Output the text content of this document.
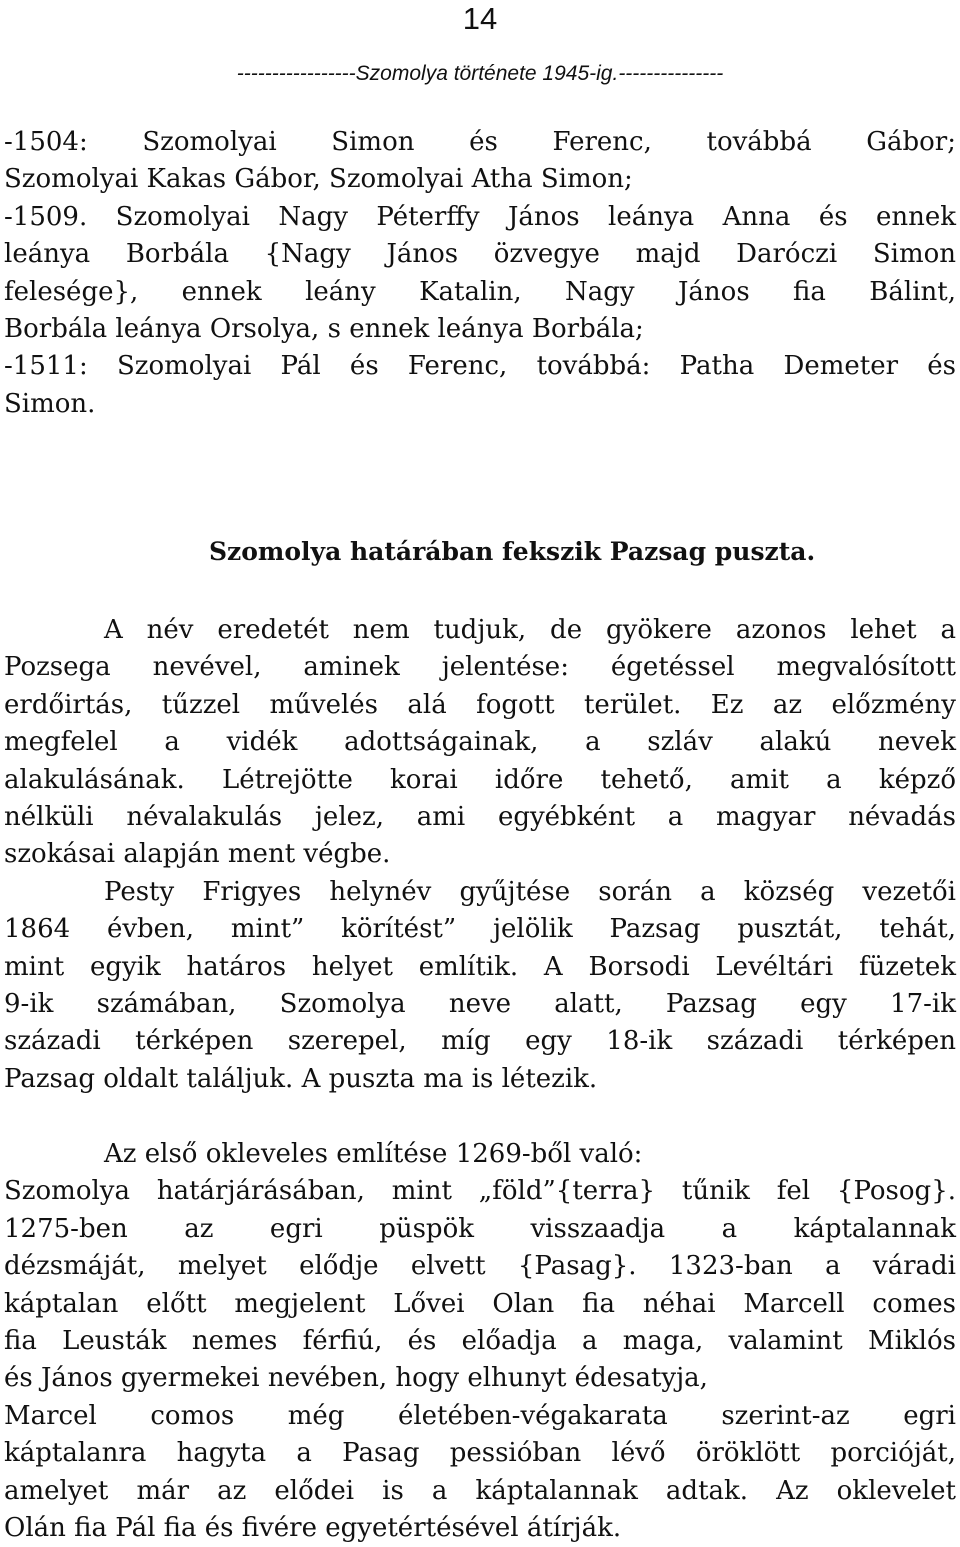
14
-----------------Szomolya története 1945-ig.---------------
-1504: Szomolyai Simon és Ferenc, továbbá Gábor;
Szomolyai Kakas Gábor, Szomolyai Atha Simon;
-1509. Szomolyai Nagy Péterffy János leánya Anna és ennek
leánya Borbála {Nagy János özvegye majd Daróczi Simon
felesége}, ennek leány Katalin, Nagy János fia Bálint,
Borbála leánya Orsolya, s ennek leánya Borbála;
-1511: Szomolyai Pál és Ferenc, továbbá: Patha Demeter és
Simon.
Szomolya határában fekszik Pazsag puszta.
A név eredetét nem tudjuk, de gyökere azonos lehet a
Pozsega nevével, aminek jelentése: égetéssel megvalósított
erdőirtás, tűzzel művelés alá fogott terület. Ez az előzmény
megfelel a vidék adottságainak, a szláv alakú nevek
alakulásának. Létrejötte korai időre tehető, amit a képző
nélküli névalakulás jelez, ami egyébként a magyar névadás
szokásai alapján ment végbe.
Pesty Frigyes helynév gyűjtése során a község vezetői
1864 évben, mint” körítést” jelölik Pazsag pusztát, tehát,
mint egyik határos helyet említik. A Borsodi Levéltári füzetek
9-ik számában, Szomolya neve alatt, Pazsag egy 17-ik
századi térképen szerepel, míg egy 18-ik századi térképen
Pazsag oldalt találjuk. A puszta ma is létezik.
Az első okleveles említése 1269-ből való:
Szomolya határjárásában, mint „föld”{terra} tűnik fel {Posog}.
1275-ben az egri püspök visszaadja a káptalannak
dézsmáját, melyet elődje elvett {Pasag}. 1323-ban a váradi
káptalan előtt megjelent Lővei Olan fia néhai Marcell comes
fia Leusták nemes férfiú, és előadja a maga, valamint Miklós
és János gyermekei nevében, hogy elhunyt édesatyja,
Marcel comos még életében-végakarata szerint-az egri
káptalanra hagyta a Pasag pessióban lévő öröklött porcióját,
amelyet már az elődei is a káptalannak adtak. Az oklevelet
Olán fia Pál fia és fivére egyetértésével átírják.
